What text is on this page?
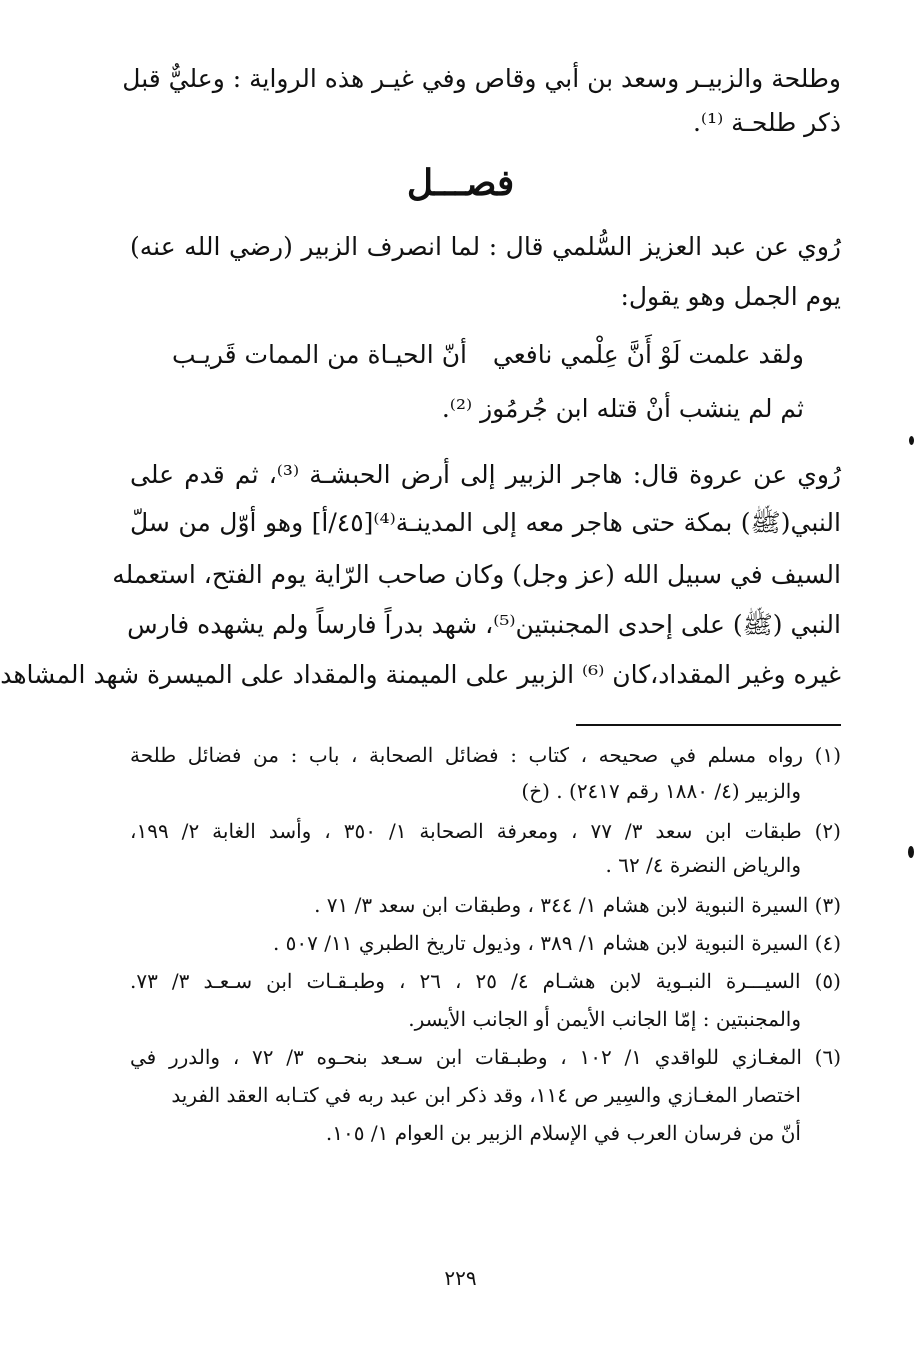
وطلحة والزبيـر وسعد بن أبي وقاص وفي غيـر هذه الرواية : وعليٌّ قبل
ذكر طلحـة ⁽¹⁾.
فصـــل
رُوي عن عبد العزيز السُّلمي قال : لما انصرف الزبير (رضي الله عنه)
يوم الجمل وهو يقول:
ولقد علمت لَوْ أَنَّ عِلْمي نافعي
أنّ الحيـاة من الممات قَريـب
ثم لم ينشب أنْ قتله ابن جُرمُوز ⁽²⁾.
رُوي عن عروة قال: هاجر الزبير إلى أرض الحبشـة ⁽³⁾، ثم قدم على
النبي(ﷺ) بمكة حتى هاجر معه إلى المدينـة⁽⁴⁾[٤٥/أ] وهو أوّل من سلّ
السيف في سبيل الله (عز وجل) وكان صاحب الرّاية يوم الفتح، استعمله
النبي (ﷺ) على إحدى المجنبتين⁽⁵⁾، شهد بدراً فارساً ولم يشهده فارس
غيره وغير المقداد،كان ⁽⁶⁾ الزبير على الميمنة والمقداد على الميسرة شهد المشاهد
(١) رواه مسلم في صحيحه ، كتاب : فضائل الصحابة ، باب : من فضائل طلحة
والزبير (٤/ ١٨٨٠ رقم ٢٤١٧) . (خ)
(٢) طبقات ابن سعد ٣/ ٧٧ ، ومعرفة الصحابة ١/ ٣٥٠ ، وأسد الغابة ٢/ ١٩٩،
والرياض النضرة ٤/ ٦٢ .
(٣) السيرة النبوية لابن هشام ١/ ٣٤٤ ، وطبقات ابن سعد ٣/ ٧١ .
(٤) السيرة النبوية لابن هشام ١/ ٣٨٩ ، وذيول تاريخ الطبري ١١/ ٥٠٧ .
(٥) السيـــرة النبـوية لابن هشـام ٤/ ٢٥ ، ٢٦ ، وطبـقـات ابن سـعـد ٣/ ٧٣.
والمجنبتين : إمّا الجانب الأيمن أو الجانب الأيسر.
(٦) المغـازي للواقدي ١/ ١٠٢ ، وطبـقات ابن سـعد بنحـوه ٣/ ٧٢ ، والدرر في
اختصار المغـازي والسِير ص ١١٤، وقد ذكر ابن عبد ربه في كتـابه العقد الفريد
أنّ من فرسان العرب في الإسلام الزبير بن العوام ١/ ١٠٥.
٢٢٩
